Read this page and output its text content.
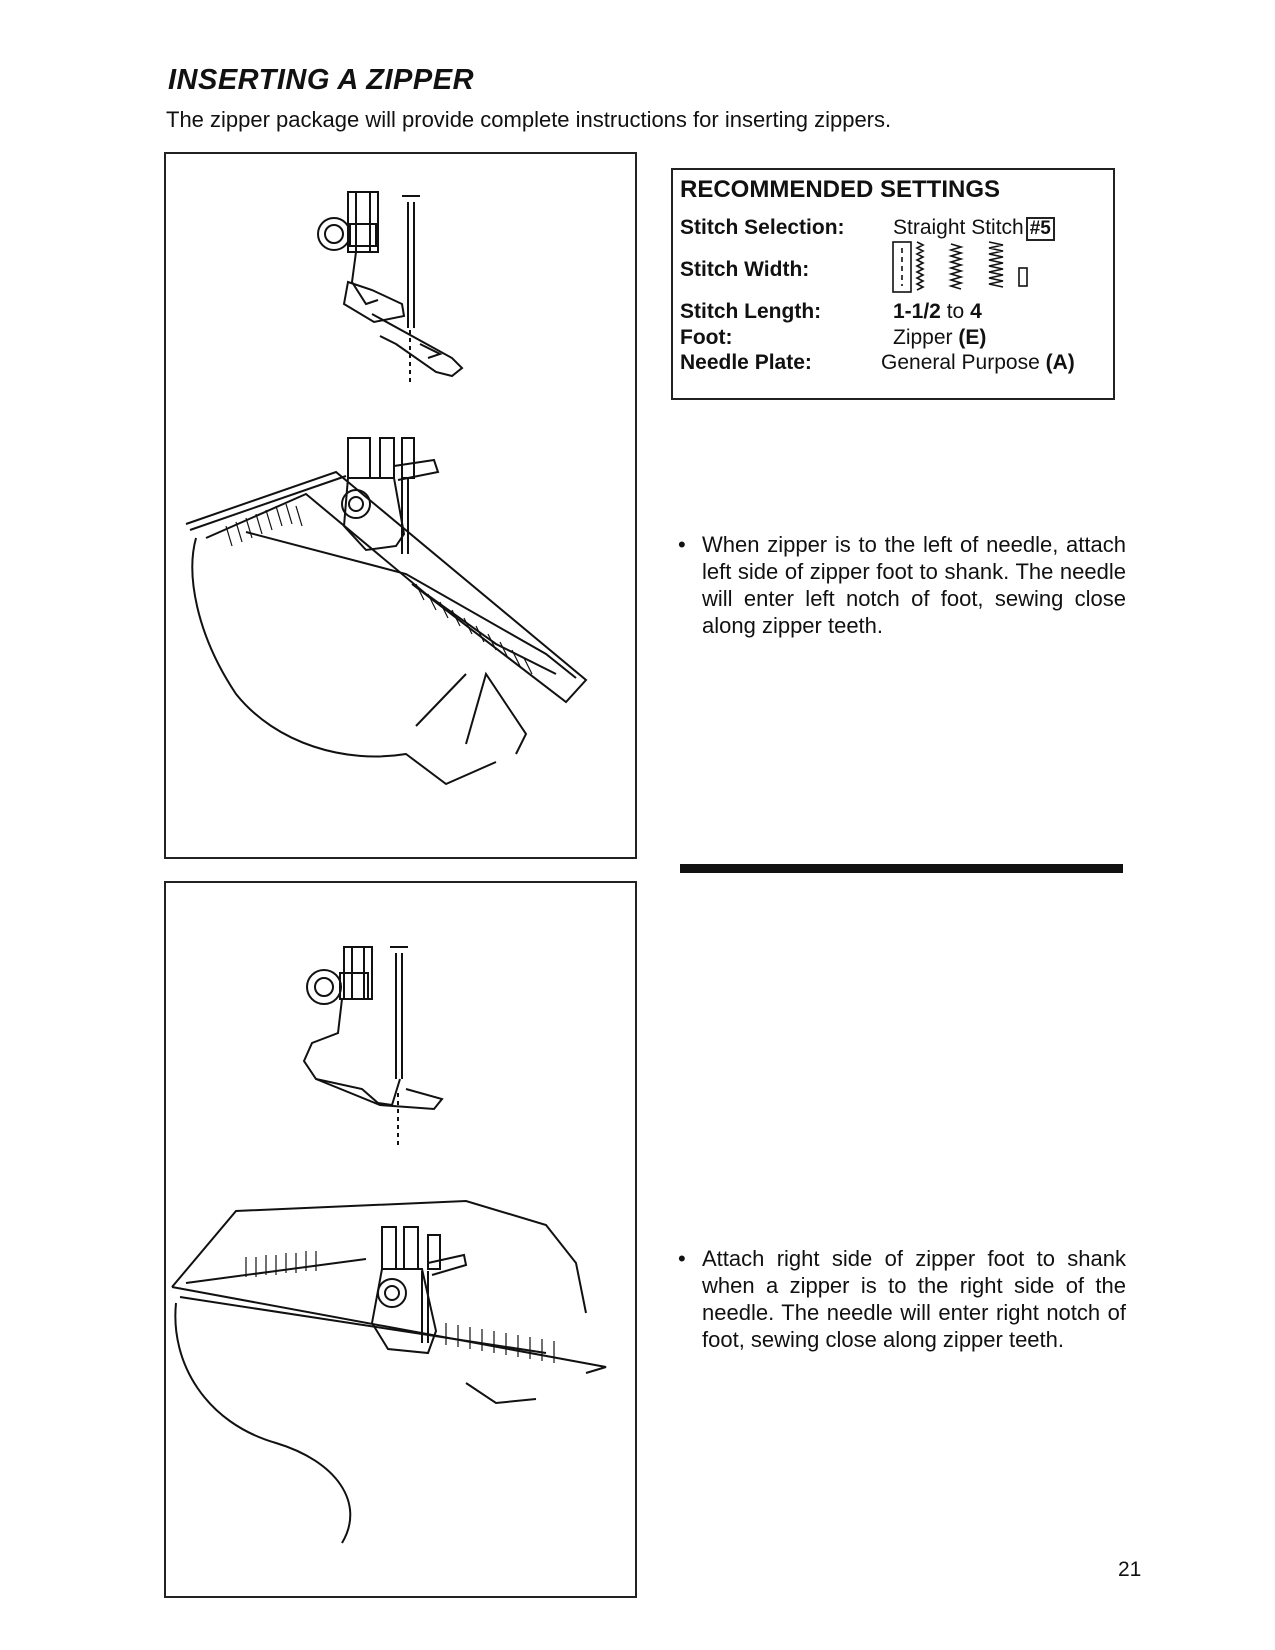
INSERTING A ZIPPER

The zipper package will provide complete instructions for inserting zippers.

RECOMMENDED SETTINGS
Stitch Selection: Straight Stitch #5
Stitch Width:
Stitch Length:	1-1/2 to 4
Foot:	Zipper (E)
Needle Plate:	General Purpose (A)
• When zipper is to the left of needle, attach left side of zipper foot to shank. The needle will enter left notch of foot, sewing close along zipper teeth.
• Attach right side of zipper foot to shank when a zipper is to the right side of the needle. The needle will enter right notch of foot, sewing close along zipper teeth.
21
